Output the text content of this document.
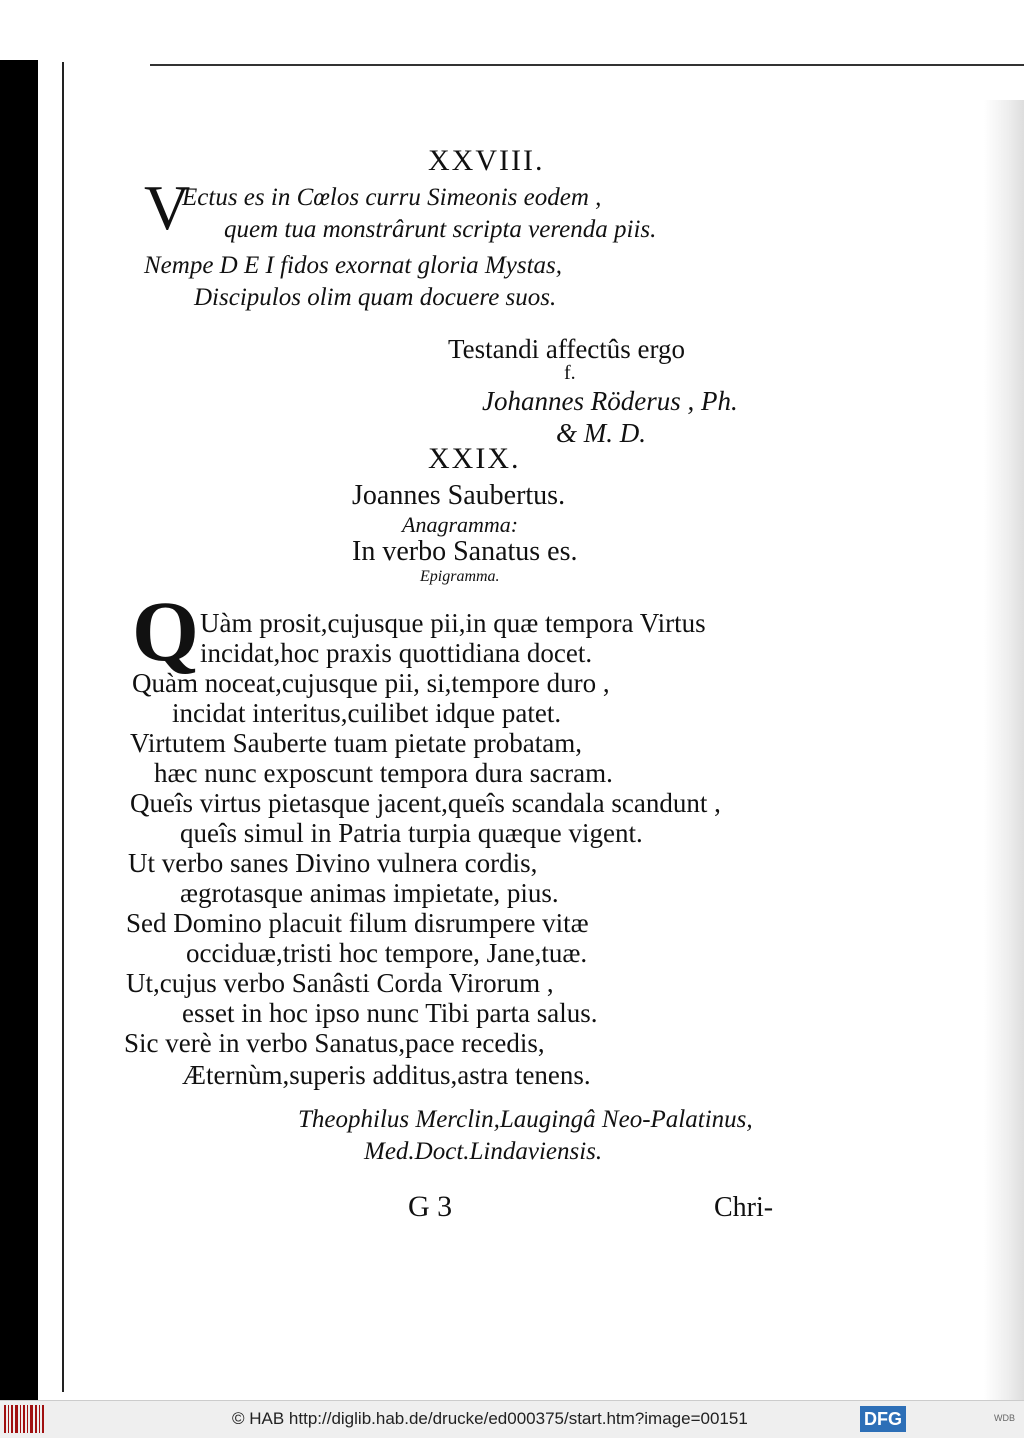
XXVIII.
V
Ectus es in Cœlos curru Simeonis eodem ,
quem tua monstrârunt scripta verenda piis.
Nempe D E I fidos exornat gloria Mystas,
Discipulos olim quam docuere suos.
Testandi affectûs ergo
f.
Johannes Röderus , Ph.
& M. D.
XXIX.
Joannes Saubertus.
Anagramma:
In verbo Sanatus es.
Epigramma.
Q Uàm prosit,cujusque pii,in quæ tempora Virtus
incidat,hoc praxis quottidiana docet.
Quàm noceat,cujusque pii, si,tempore duro ,
incidat interitus,cuilibet idque patet.
Virtutem Sauberte tuam pietate probatam,
hæc nunc exposcunt tempora dura sacram.
Queîs virtus pietasque jacent,queîs scandala scandunt ,
queîs simul in Patria turpia quæque vigent.
Ut verbo sanes Divino vulnera cordis,
ægrotasque animas impietate, pius.
Sed Domino placuit filum disrumpere vitæ
occiduæ,tristi hoc tempore, Jane,tuæ.
Ut,cujus verbo Sanâsti Corda Virorum ,
esset in hoc ipso nunc Tibi parta salus.
Sic verè in verbo Sanatus,pace recedis,
Æternùm,superis additus,astra tenens.
Theophilus Merclin,Laugingâ Neo-Palatinus,
Med.Doct.Lindaviensis.
G 3	Chri-
© HAB http://diglib.hab.de/drucke/ed000375/start.htm?image=00151	DFG	WDB
